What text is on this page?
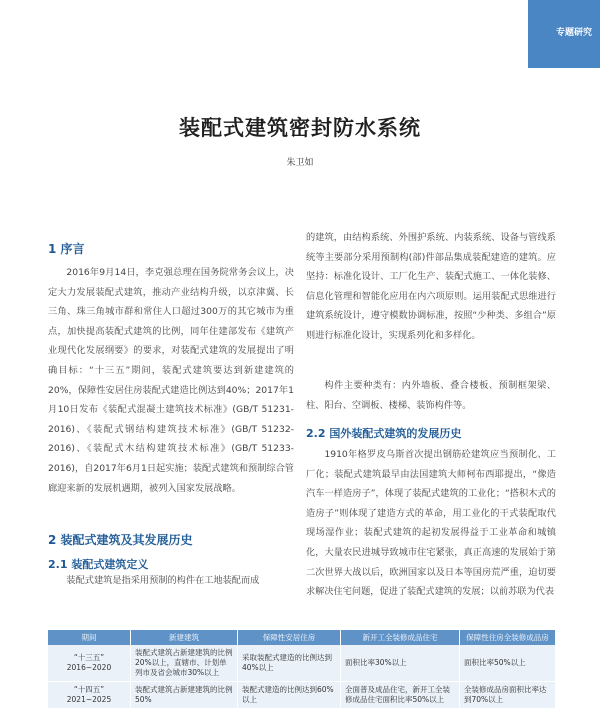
专题研究
装配式建筑密封防水系统
朱卫如
1 序言

2016年9月14日，李克强总理在国务院常务会议上，决定大力发展装配式建筑，推动产业结构升级，以京津冀、长三角、珠三角城市群和常住人口超过300万的其它城市为重点，加快提高装配式建筑的比例，同年住建部发布《建筑产业现代化发展纲要》的要求，对装配式建筑的发展提出了明确目标：“十三五”期间，装配式建筑要达到新建建筑的20%，保障性安居住房装配式建造比例达到40%；2017年1月10日发布《装配式混凝土建筑技术标准》(GB/T 51231-2016)、《装配式钢结构建筑技术标准》(GB/T 51232-2016)、《装配式木结构建筑技术标准》(GB/T 51233-2016)，自2017年6月1日起实施；装配式建筑和预制综合管廊迎来新的发展机遇期，被列入国家发展战略。

2 装配式建筑及其发展历史
2.1 装配式建筑定义

装配式建筑是指采用预制的构件在工地装配而成

的建筑，由结构系统、外围护系统、内装系统、设备与管线系统等主要部分采用预制构(部)件部品集成装配建造的建筑。应坚持：标准化设计、工厂化生产、装配式施工、一体化装修、信息化管理和智能化应用在内六项原则。运用装配式思维进行建筑系统设计，遵守模数协调标准，按照“少种类、多组合”原则进行标准化设计，实现系列化和多样化。

构件主要种类有：内外墙板、叠合楼板、预制框架梁、柱、阳台、空调板、楼梯、装饰构件等。

2.2 国外装配式建筑的发展历史

1910年格罗皮乌斯首次提出钢筋砼建筑应当预制化、工厂化；装配式建筑最早由法国建筑大师柯布西耶提出，“像造汽车一样造房子”，体现了装配式建筑的工业化；“搭积木式的造房子”则体现了建造方式的革命，用工业化的干式装配取代现场湿作业；装配式建筑的起初发展得益于工业革命和城镇化，大量农民进城导致城市住宅紧张，真正高速的发展始于第二次世界大战以后，欧洲国家以及日本等国房荒严重，迫切要求解决住宅问题，促进了装配式建筑的发展；以前苏联为代表

期间	新建建筑	保障性安居住房	新开工全装修成品住宅	保障性住房全装修成品房

“十三五”
2016~2020	装配式建筑占新建建筑的比例20%以上，直辖市、计划单列市及省会城市30%以上	采取装配式建造的比例达到40%以上	面积比率30%以上	面积比率50%以上

“十四五”
2021~2025	装配式建筑占新建建筑的比例50%	装配式建造的比例达到60%以上	全面普及成品住宅，新开工全装修成品住宅面积比率50%以上	全装修成品房面积比率达到70%以上
